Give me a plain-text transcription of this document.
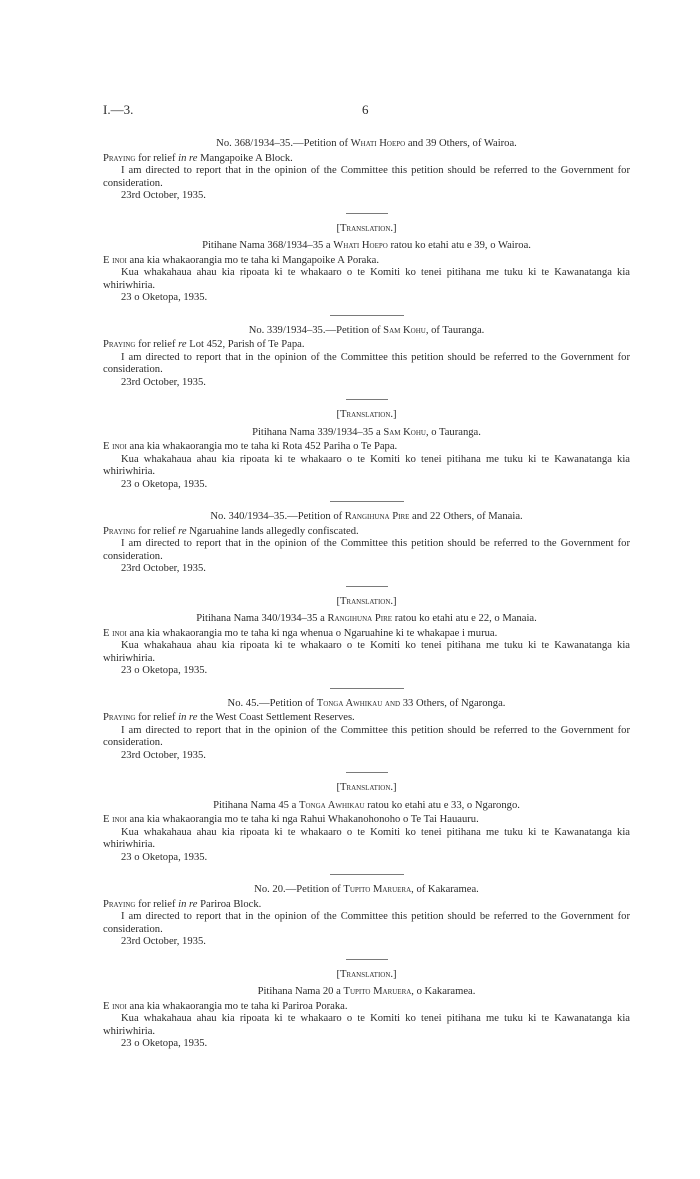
I.—3.	6

No. 368/1934–35.—Petition of Whati Hoepo and 39 Others, of Wairoa.

Praying for relief in re Mangapoike A Block.

I am directed to report that in the opinion of the Committee this petition should be referred to the Government for consideration.

23rd October, 1935.

[Translation.]

Pitihane Nama 368/1934–35 a Whati Hoepo ratou ko etahi atu e 39, o Wairoa.

E inoi ana kia whakaorangia mo te taha ki Mangapoike A Poraka.

Kua whakahaua ahau kia ripoata ki te whakaaro o te Komiti ko tenei pitihana me tuku ki te Kawanatanga kia whiriwhiria.

23 o Oketopa, 1935.

No. 339/1934–35.—Petition of Sam Kohu, of Tauranga.

Praying for relief re Lot 452, Parish of Te Papa.

I am directed to report that in the opinion of the Committee this petition should be referred to the Government for consideration.

23rd October, 1935.

[Translation.]

Pitihana Nama 339/1934–35 a Sam Kohu, o Tauranga.

E inoi ana kia whakaorangia mo te taha ki Rota 452 Pariha o Te Papa.

Kua whakahaua ahau kia ripoata ki te whakaaro o te Komiti ko tenei pitihana me tuku ki te Kawanatanga kia whiriwhiria.

23 o Oketopa, 1935.

No. 340/1934–35.—Petition of Rangihuna Pire and 22 Others, of Manaia.

Praying for relief re Ngaruahine lands allegedly confiscated.

I am directed to report that in the opinion of the Committee this petition should be referred to the Government for consideration.

23rd October, 1935.

[Translation.]

Pitihana Nama 340/1934–35 a Rangihuna Pire ratou ko etahi atu e 22, o Manaia.

E inoi ana kia whakaorangia mo te taha ki nga whenua o Ngaruahine ki te whakapae i murua.

Kua whakahaua ahau kia ripoata ki te whakaaro o te Komiti ko tenei pitihana me tuku ki te Kawanatanga kia whiriwhiria.

23 o Oketopa, 1935.

No. 45.—Petition of Tonga Awhikau and 33 Others, of Ngaronga.

Praying for relief in re the West Coast Settlement Reserves.

I am directed to report that in the opinion of the Committee this petition should be referred to the Government for consideration.

23rd October, 1935.

[Translation.]

Pitihana Nama 45 a Tonga Awhikau ratou ko etahi atu e 33, o Ngarongo.

E inoi ana kia whakaorangia mo te taha ki nga Rahui Whakanohonoho o Te Tai Hauauru.

Kua whakahaua ahau kia ripoata ki te whakaaro o te Komiti ko tenei pitihana me tuku ki te Kawanatanga kia whiriwhiria.

23 o Oketopa, 1935.

No. 20.—Petition of Tupito Maruera, of Kakaramea.

Praying for relief in re Pariroa Block.

I am directed to report that in the opinion of the Committee this petition should be referred to the Government for consideration.

23rd October, 1935.

[Translation.]

Pitihana Nama 20 a Tupito Maruera, o Kakaramea.

E inoi ana kia whakaorangia mo te taha ki Pariroa Poraka.

Kua whakahaua ahau kia ripoata ki te whakaaro o te Komiti ko tenei pitihana me tuku ki te Kawanatanga kia whiriwhiria.

23 o Oketopa, 1935.
